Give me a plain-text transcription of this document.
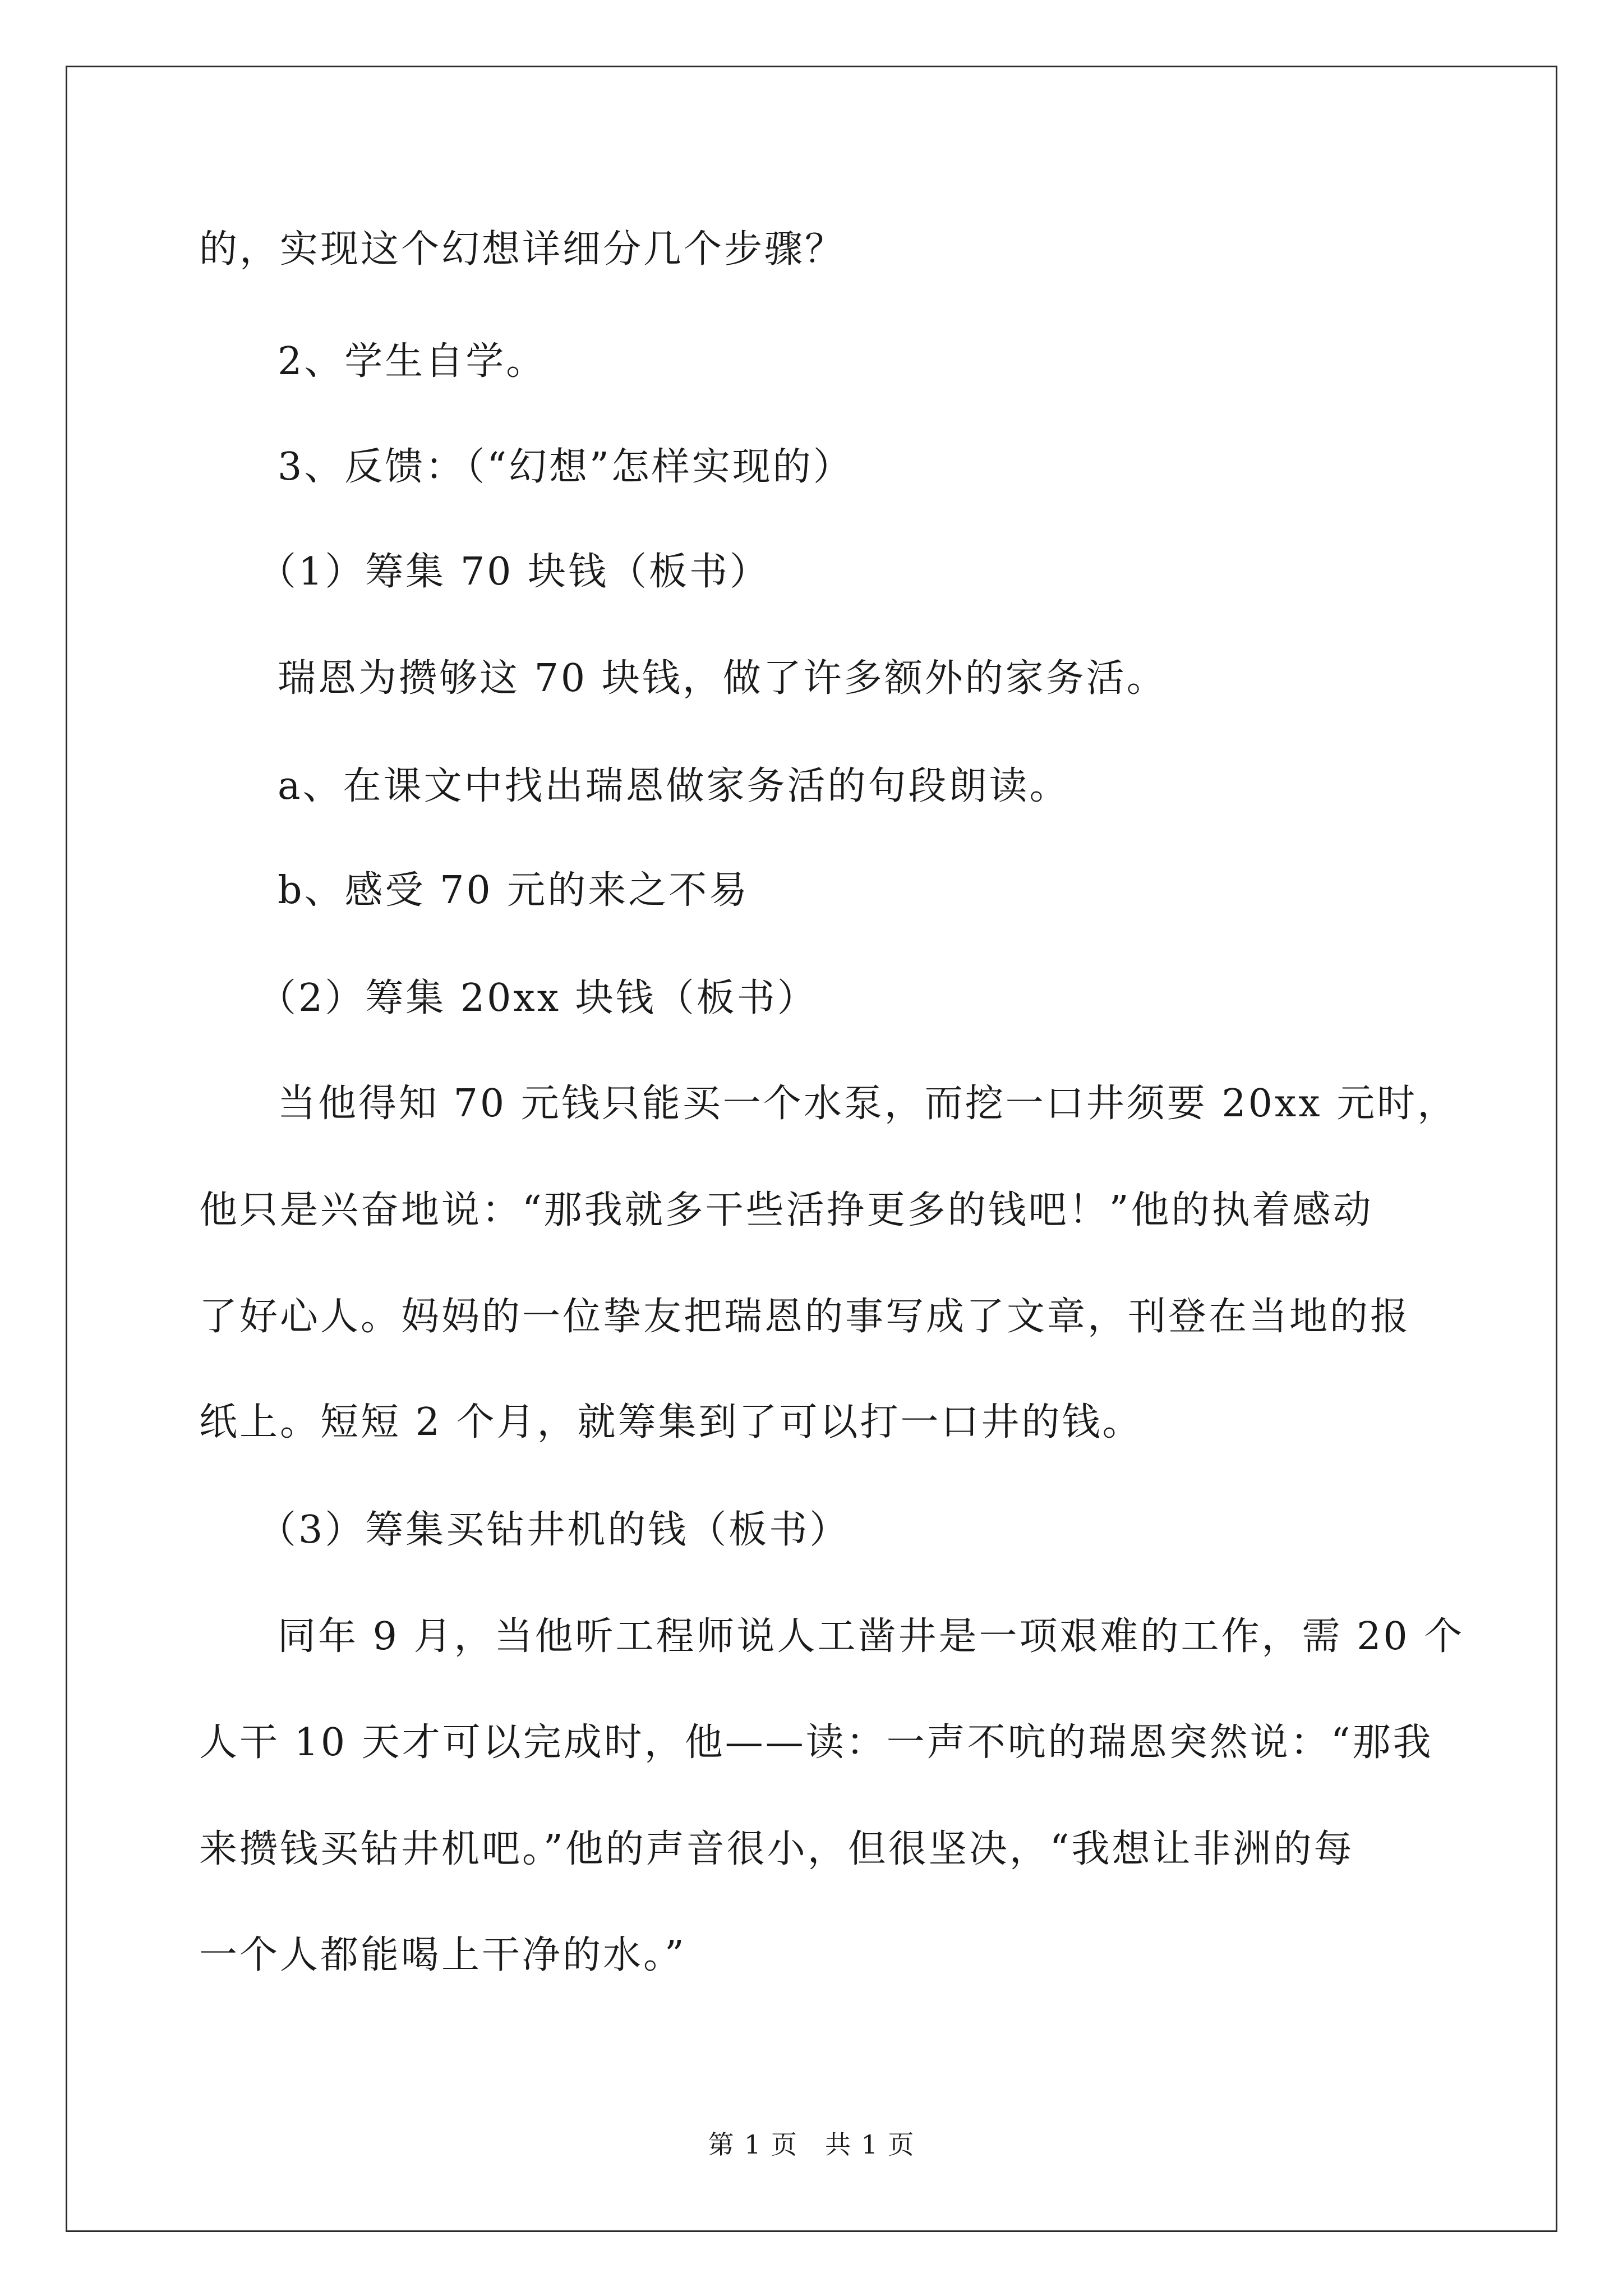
的，实现这个幻想详细分几个步骤？
2、学生自学。
3、反馈：（“幻想”怎样实现的）
（1）筹集 70 块钱（板书）
瑞恩为攒够这 70 块钱，做了许多额外的家务活。
a、在课文中找出瑞恩做家务活的句段朗读。
b、感受 70 元的来之不易
（2）筹集 20xx 块钱（板书）
当他得知 70 元钱只能买一个水泵，而挖一口井须要 20xx 元时，
他只是兴奋地说：“那我就多干些活挣更多的钱吧！”他的执着感动
了好心人。妈妈的一位挚友把瑞恩的事写成了文章，刊登在当地的报
纸上。短短 2 个月，就筹集到了可以打一口井的钱。
（3）筹集买钻井机的钱（板书）
同年 9 月，当他听工程师说人工凿井是一项艰难的工作，需 20 个
人干 10 天才可以完成时，他——读：一声不吭的瑞恩突然说：“那我
来攒钱买钻井机吧。”他的声音很小，但很坚决，“我想让非洲的每
一个人都能喝上干净的水。”
第 1 页　共 1 页
